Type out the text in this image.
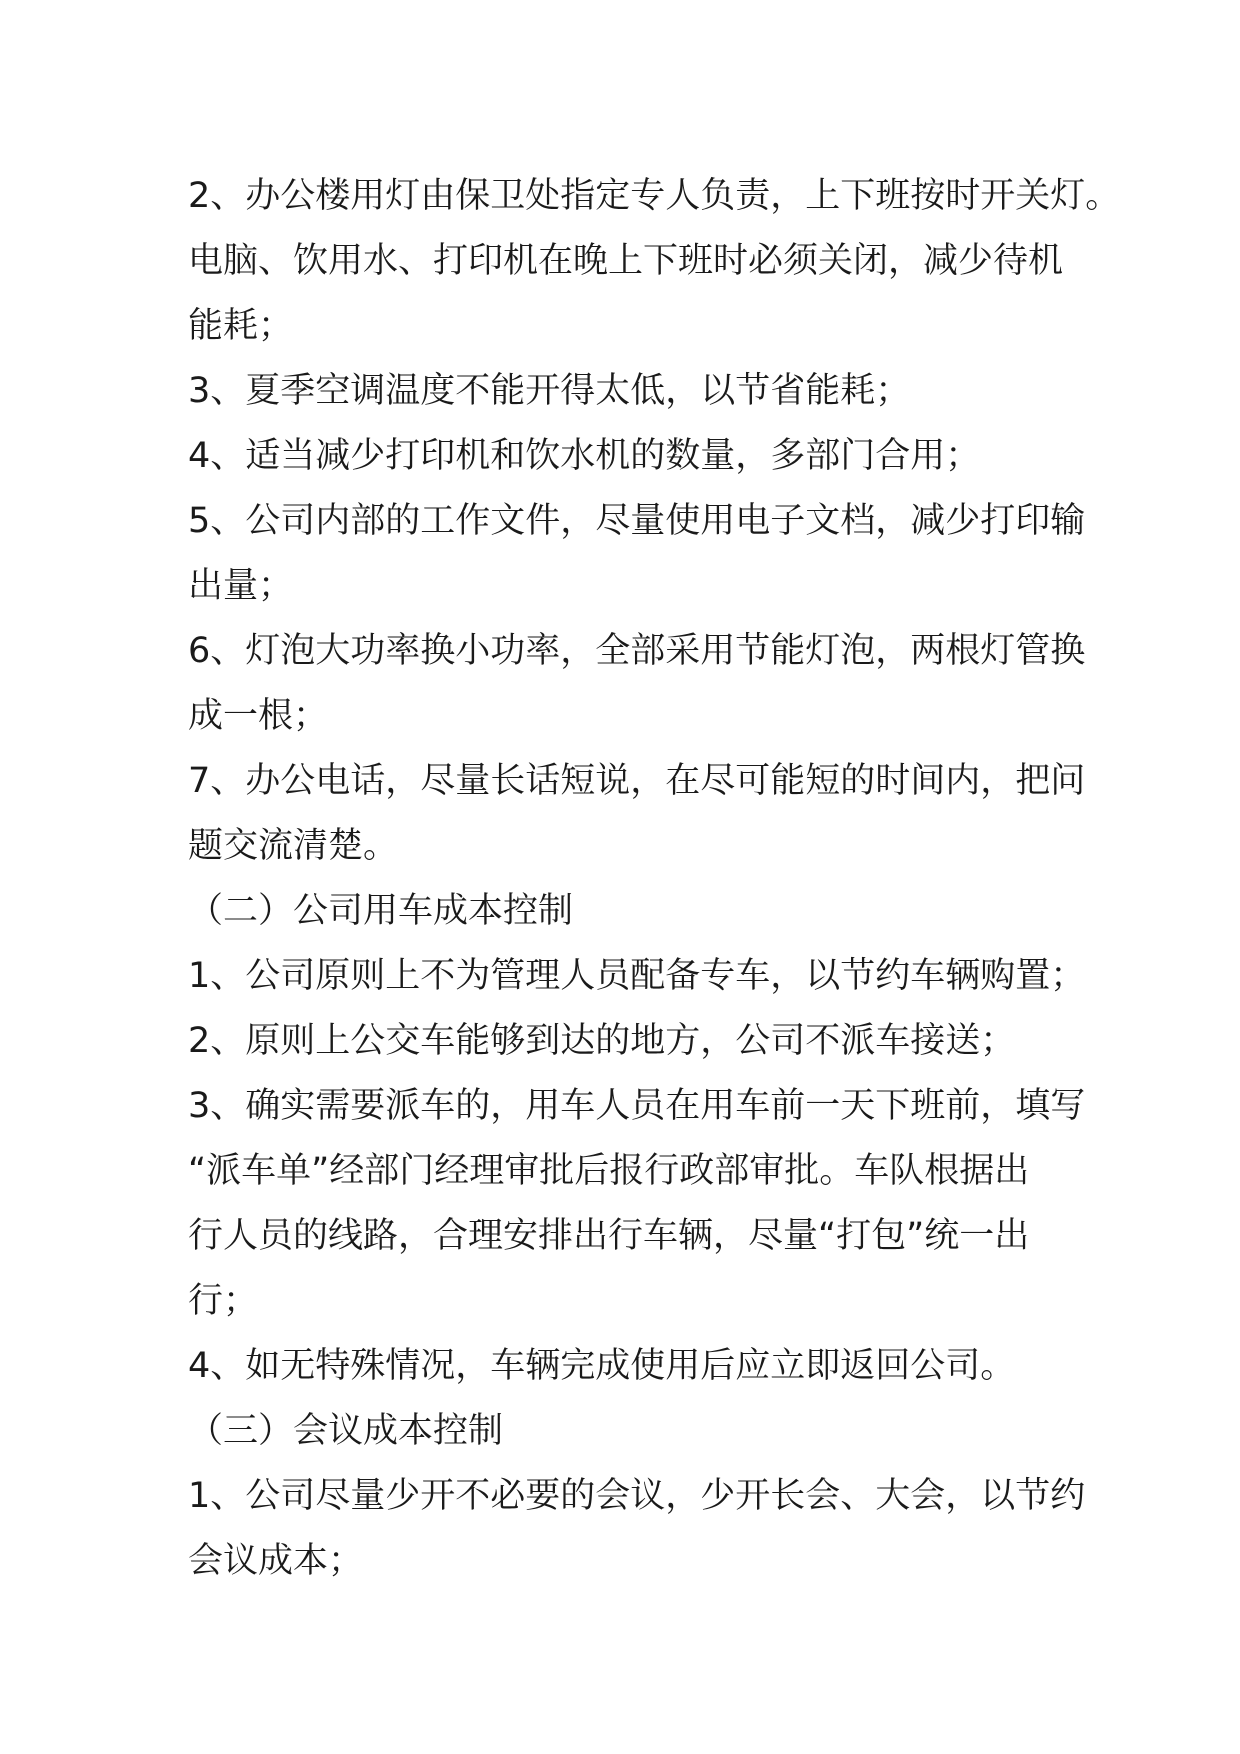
2、办公楼用灯由保卫处指定专人负责，上下班按时开关灯。
电脑、饮用水、打印机在晚上下班时必须关闭，减少待机
能耗；
3、夏季空调温度不能开得太低，以节省能耗；
4、适当减少打印机和饮水机的数量，多部门合用；
5、公司内部的工作文件，尽量使用电子文档，减少打印输
出量；
6、灯泡大功率换小功率，全部采用节能灯泡，两根灯管换
成一根；
7、办公电话，尽量长话短说，在尽可能短的时间内，把问
题交流清楚。
（二）公司用车成本控制
1、公司原则上不为管理人员配备专车，以节约车辆购置；
2、原则上公交车能够到达的地方，公司不派车接送；
3、确实需要派车的，用车人员在用车前一天下班前，填写
“派车单”经部门经理审批后报行政部审批。车队根据出
行人员的线路，合理安排出行车辆，尽量“打包”统一出
行；
4、如无特殊情况，车辆完成使用后应立即返回公司。
（三）会议成本控制
1、公司尽量少开不必要的会议，少开长会、大会，以节约
会议成本；
